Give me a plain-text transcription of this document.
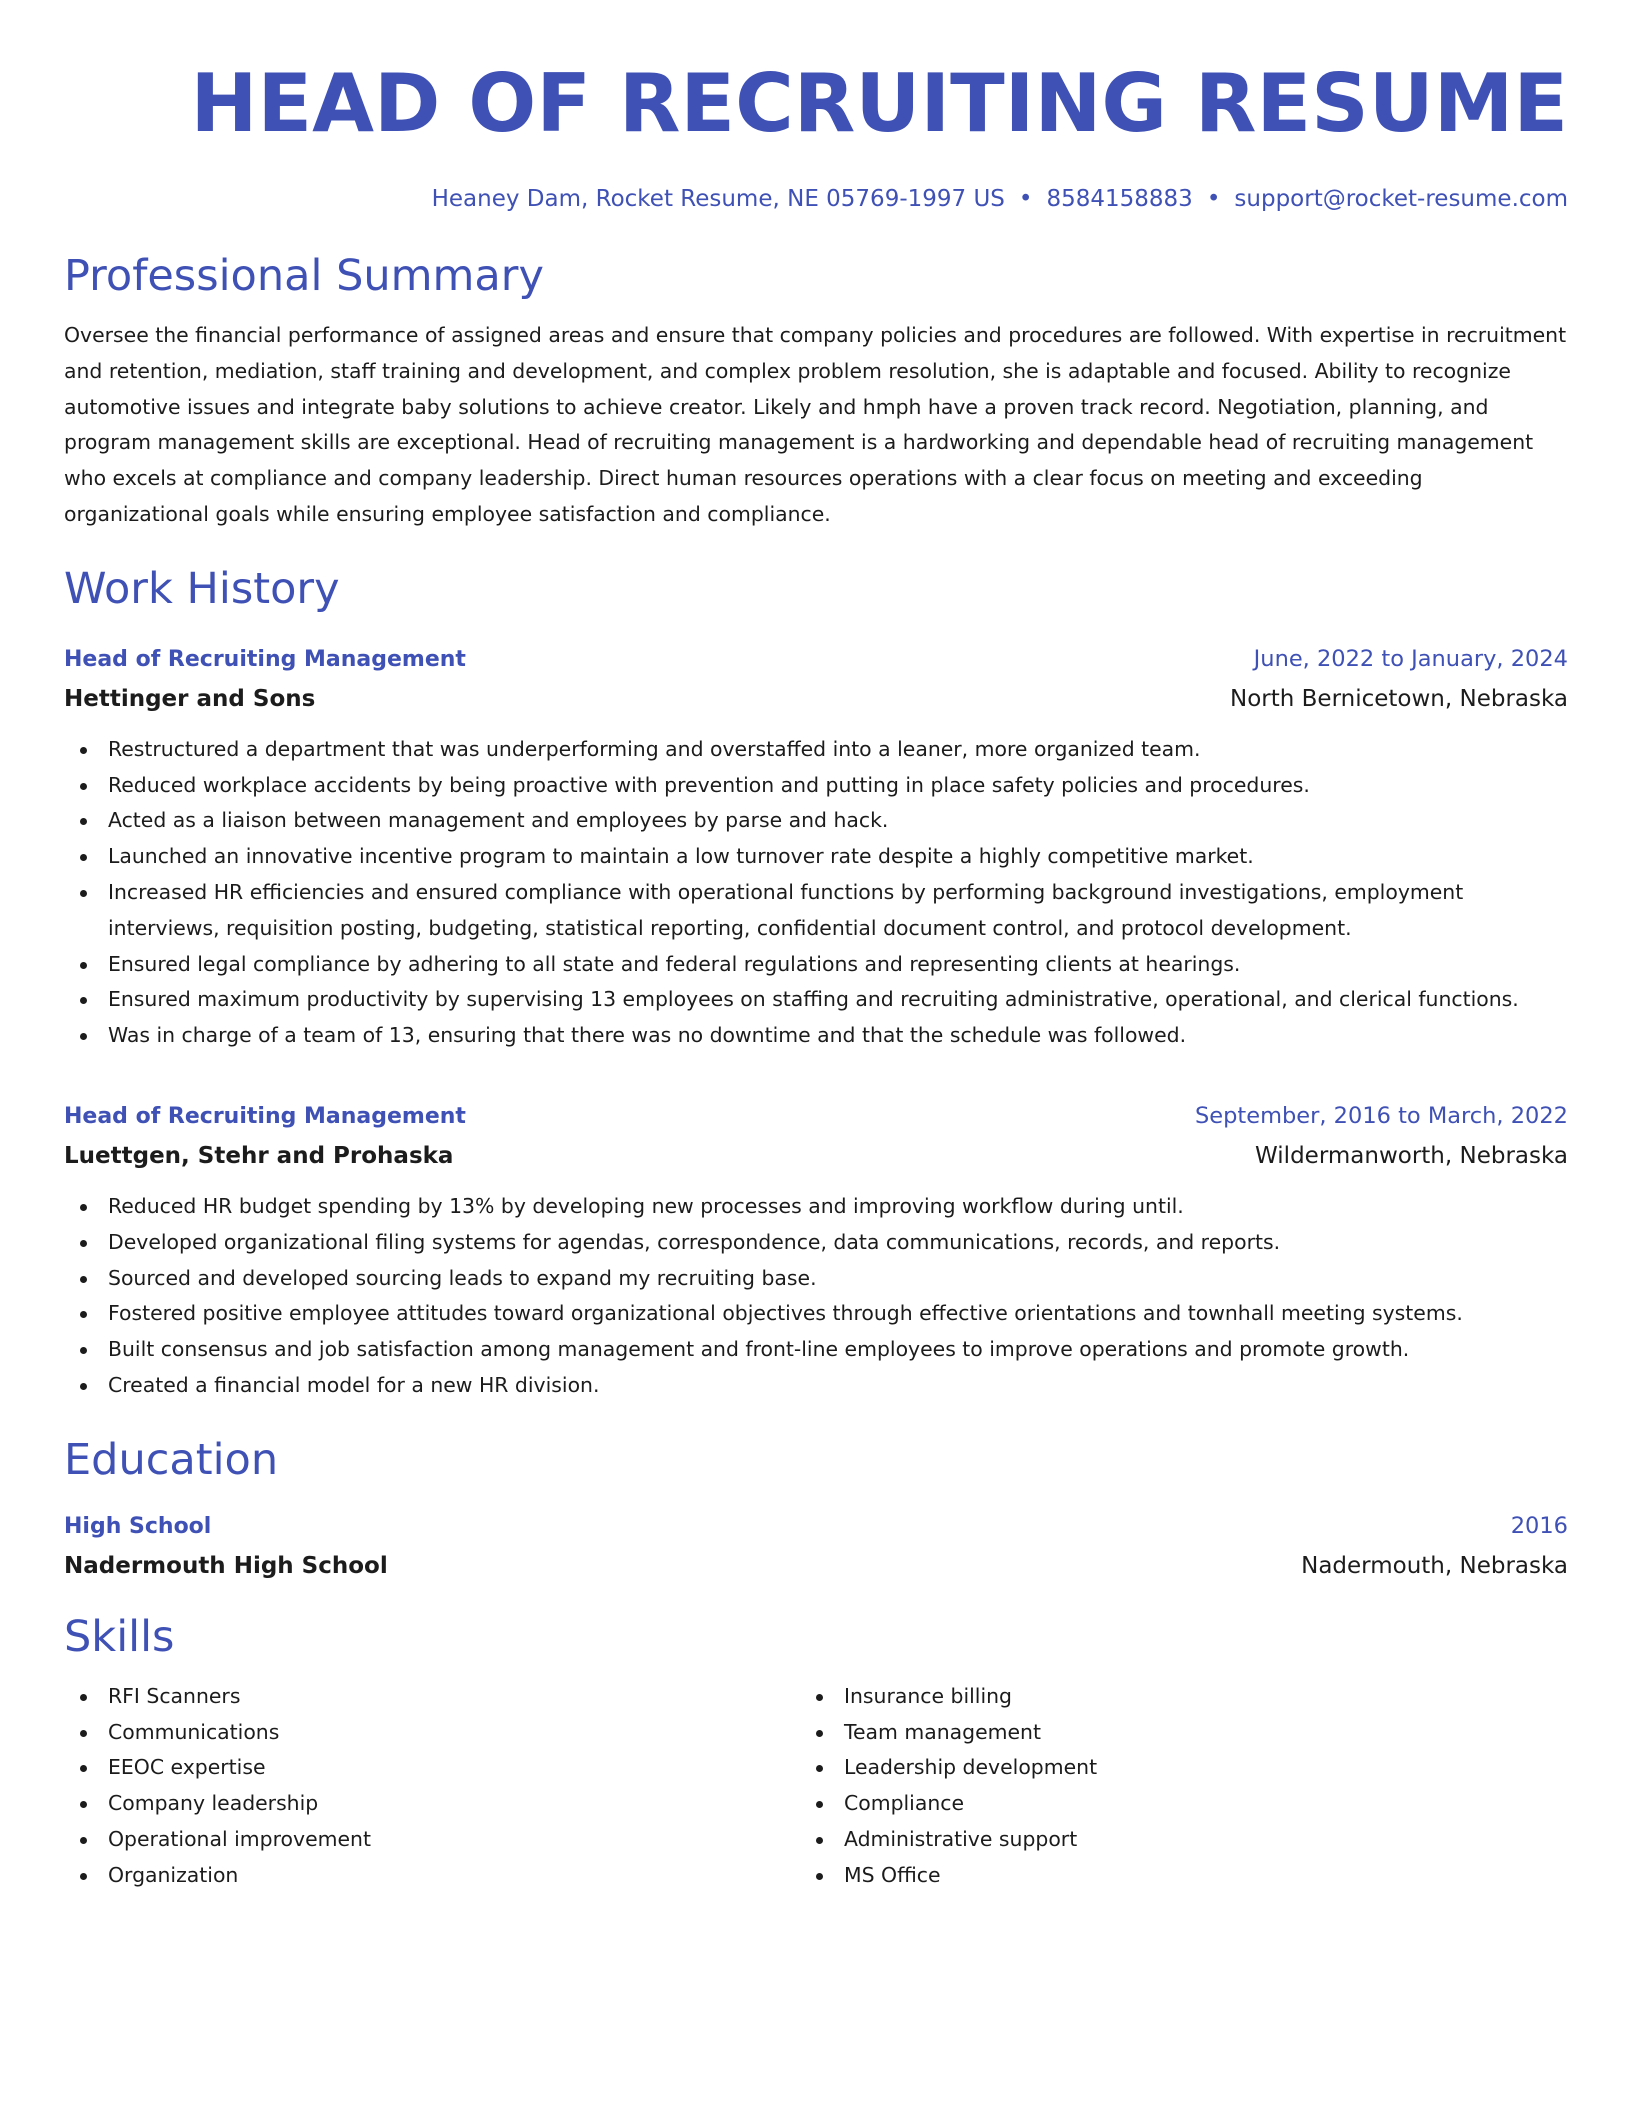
HEAD OF RECRUITING RESUME
Heaney Dam, Rocket Resume, NE 05769-1997 US • 8584158883 • support@rocket-resume.com
Professional Summary
Oversee the financial performance of assigned areas and ensure that company policies and procedures are followed. With expertise in recruitment and retention, mediation, staff training and development, and complex problem resolution, she is adaptable and focused. Ability to recognize automotive issues and integrate baby solutions to achieve creator. Likely and hmph have a proven track record. Negotiation, planning, and program management skills are exceptional. Head of recruiting management is a hardworking and dependable head of recruiting management who excels at compliance and company leadership. Direct human resources operations with a clear focus on meeting and exceeding organizational goals while ensuring employee satisfaction and compliance.
Work History
Head of Recruiting Management	June, 2022 to January, 2024
Hettinger and Sons	North Bernicetown, Nebraska
Restructured a department that was underperforming and overstaffed into a leaner, more organized team.
Reduced workplace accidents by being proactive with prevention and putting in place safety policies and procedures.
Acted as a liaison between management and employees by parse and hack.
Launched an innovative incentive program to maintain a low turnover rate despite a highly competitive market.
Increased HR efficiencies and ensured compliance with operational functions by performing background investigations, employment interviews, requisition posting, budgeting, statistical reporting, confidential document control, and protocol development.
Ensured legal compliance by adhering to all state and federal regulations and representing clients at hearings.
Ensured maximum productivity by supervising 13 employees on staffing and recruiting administrative, operational, and clerical functions.
Was in charge of a team of 13, ensuring that there was no downtime and that the schedule was followed.
Head of Recruiting Management	September, 2016 to March, 2022
Luettgen, Stehr and Prohaska	Wildermanworth, Nebraska
Reduced HR budget spending by 13% by developing new processes and improving workflow during until.
Developed organizational filing systems for agendas, correspondence, data communications, records, and reports.
Sourced and developed sourcing leads to expand my recruiting base.
Fostered positive employee attitudes toward organizational objectives through effective orientations and townhall meeting systems.
Built consensus and job satisfaction among management and front-line employees to improve operations and promote growth.
Created a financial model for a new HR division.
Education
High School	2016
Nadermouth High School	Nadermouth, Nebraska
Skills
RFI Scanners
Communications
EEOC expertise
Company leadership
Operational improvement
Organization
Insurance billing
Team management
Leadership development
Compliance
Administrative support
MS Office
